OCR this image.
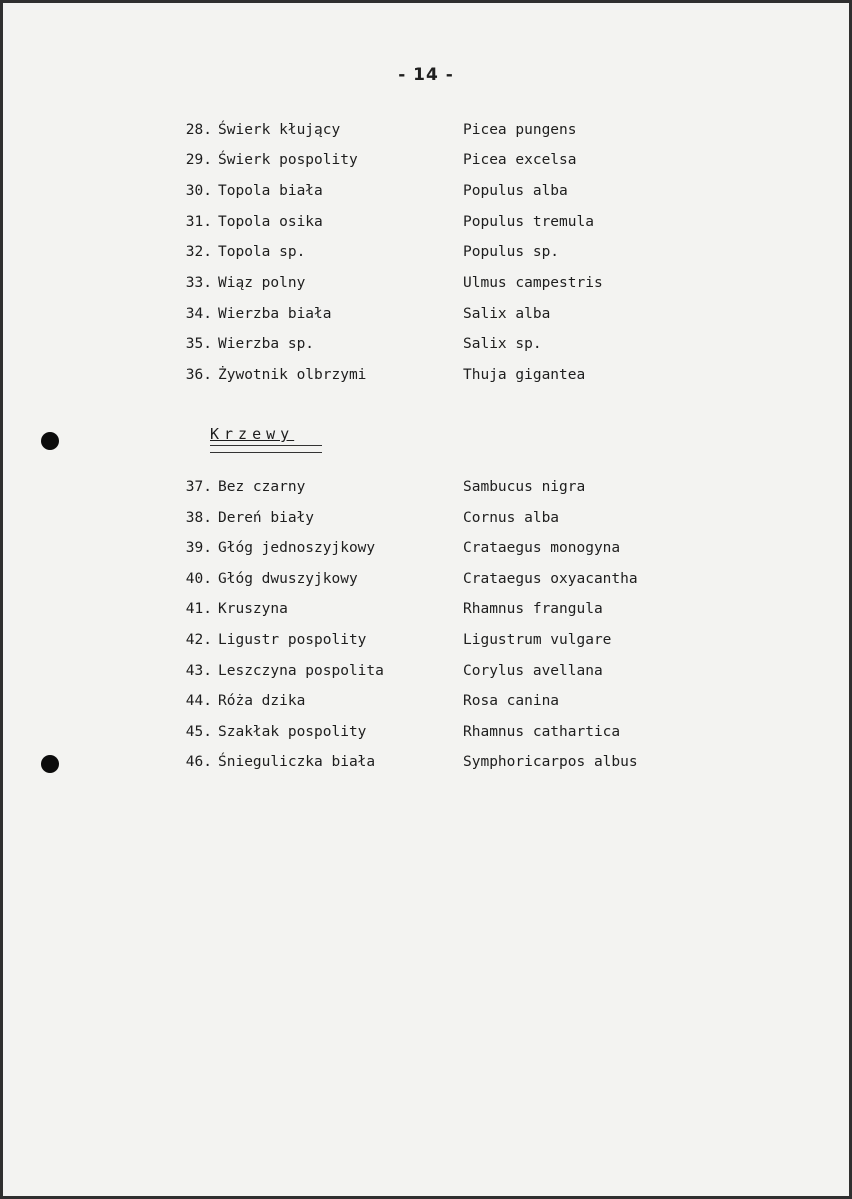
- 14 -
28. Świerk kłujący	Picea pungens
29. Świerk pospolity	Picea excelsa
30. Topola biała	Populus alba
31. Topola osika	Populus tremula
32. Topola sp.	Populus sp.
33. Wiąz polny	Ulmus campestris
34. Wierzba biała	Salix alba
35. Wierzba sp.	Salix sp.
36. Żywotnik olbrzymi	Thuja gigantea
Krzewy
37. Bez czarny	Sambucus nigra
38. Dereń biały	Cornus alba
39. Głóg jednoszyjkowy	Crataegus monogyna
40. Głóg dwuszyjkowy	Crataegus oxyacantha
41. Kruszyna	Rhamnus frangula
42. Ligustr pospolity	Ligustrum vulgare
43. Leszczyna pospolita	Corylus avellana
44. Róża dzika	Rosa canina
45. Szakłak pospolity	Rhamnus cathartica
46. Śnieguliczka biała	Symphoricarpos albus
